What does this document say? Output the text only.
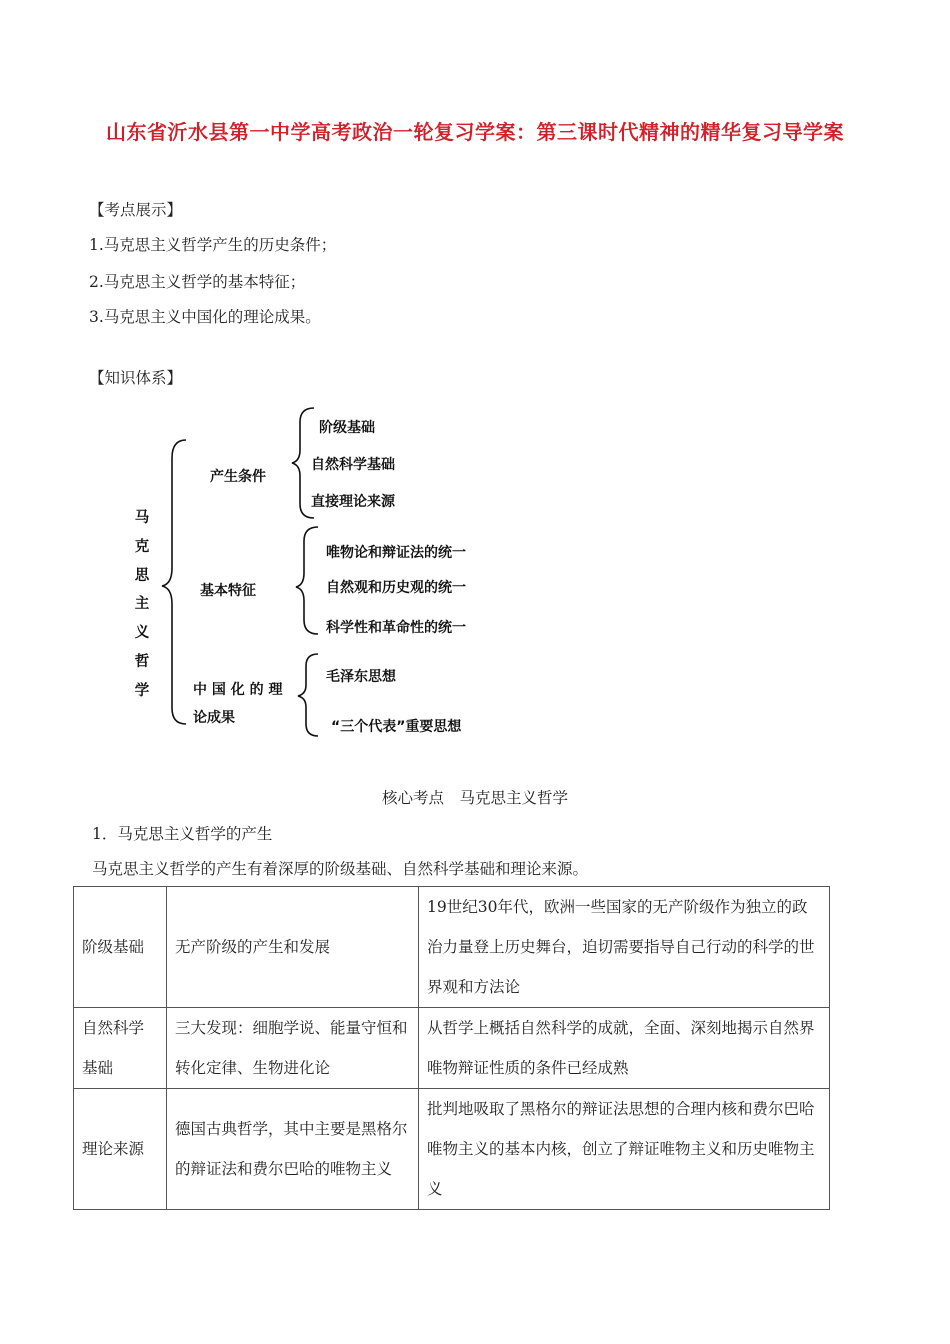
山东省沂水县第一中学高考政治一轮复习学案：第三课时代精神的精华复习导学案
【考点展示】
1.马克思主义哲学产生的历史条件；
2.马克思主义哲学的基本特征；
3.马克思主义中国化的理论成果。
【知识体系】
马克思主义哲学
产生条件
阶级基础
自然科学基础
直接理论来源
基本特征
唯物论和辩证法的统一
自然观和历史观的统一
科学性和革命性的统一
中 国 化 的 理
论成果
毛泽东思想
“三个代表”重要思想
核心考点　马克思主义哲学
1．马克思主义哲学的产生
马克思主义哲学的产生有着深厚的阶级基础、自然科学基础和理论来源。
阶级基础	无产阶级的产生和发展	19世纪30年代，欧洲一些国家的无产阶级作为独立的政治力量登上历史舞台，迫切需要指导自己行动的科学的世界观和方法论
自然科学基础	三大发现：细胞学说、能量守恒和转化定律、生物进化论	从哲学上概括自然科学的成就，全面、深刻地揭示自然界唯物辩证性质的条件已经成熟
理论来源	德国古典哲学，其中主要是黑格尔的辩证法和费尔巴哈的唯物主义	批判地吸取了黑格尔的辩证法思想的合理内核和费尔巴哈唯物主义的基本内核，创立了辩证唯物主义和历史唯物主义
